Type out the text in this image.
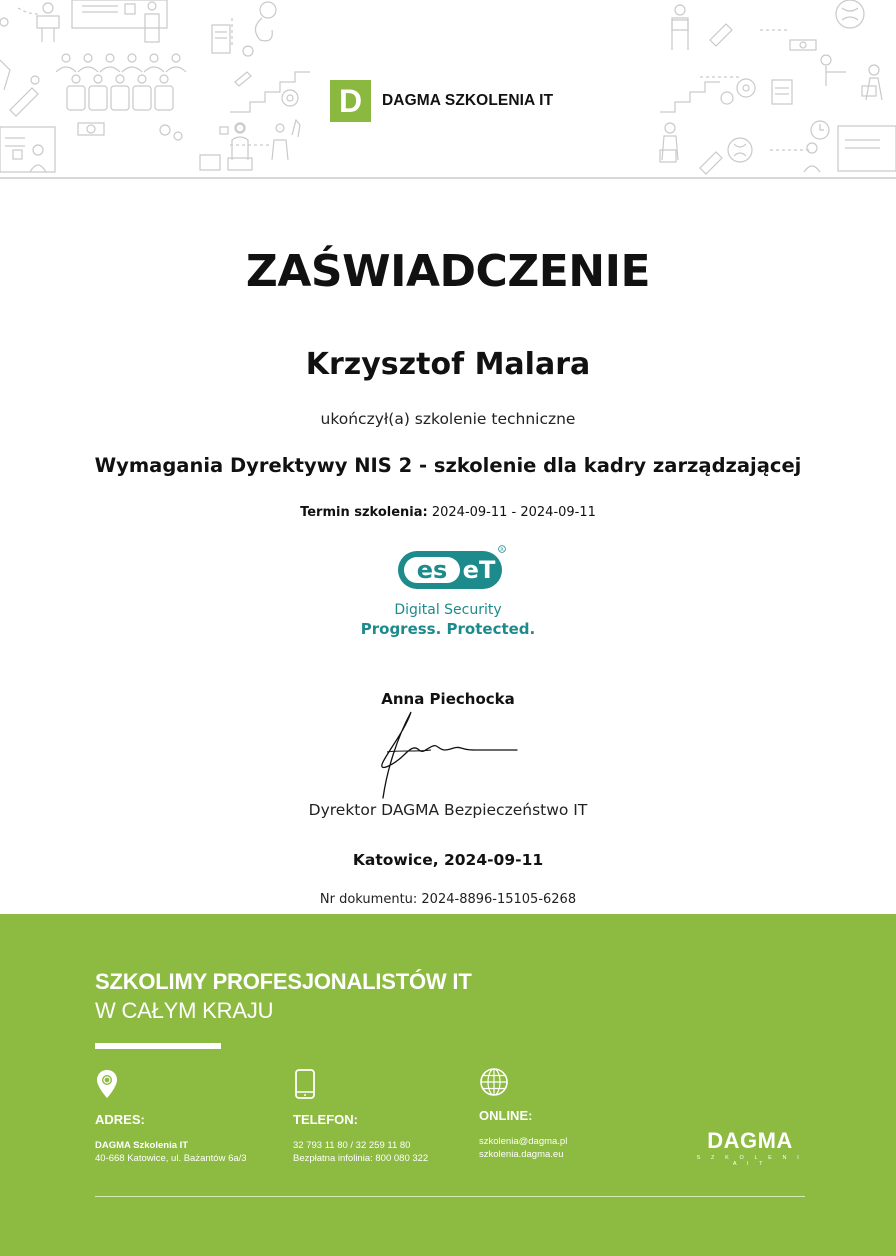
D	DAGMA SZKOLENIA IT
ZAŚWIADCZENIE
Krzysztof Malara
ukończył(a) szkolenie techniczne
Wymagania Dyrektywy NIS 2 - szkolenie dla kadry zarządzającej
Termin szkolenia: 2024-09-11 - 2024-09-11
es eT
R
Digital Security
Progress. Protected.
Anna Piechocka
Dyrektor DAGMA Bezpieczeństwo IT
Katowice, 2024-09-11
Nr dokumentu: 2024-8896-15105-6268
SZKOLIMY PROFESJONALISTÓW IT
W CAŁYM KRAJU
ADRES:
DAGMA Szkolenia IT
40-668 Katowice, ul. Bażantów 6a/3
TELEFON:
32 793 11 80 / 32 259 11 80
Bezpłatna infolinia: 800 080 322
ONLINE:
szkolenia@dagma.pl
szkolenia.dagma.eu
DAGMA
S Z K O L E N I A I T
